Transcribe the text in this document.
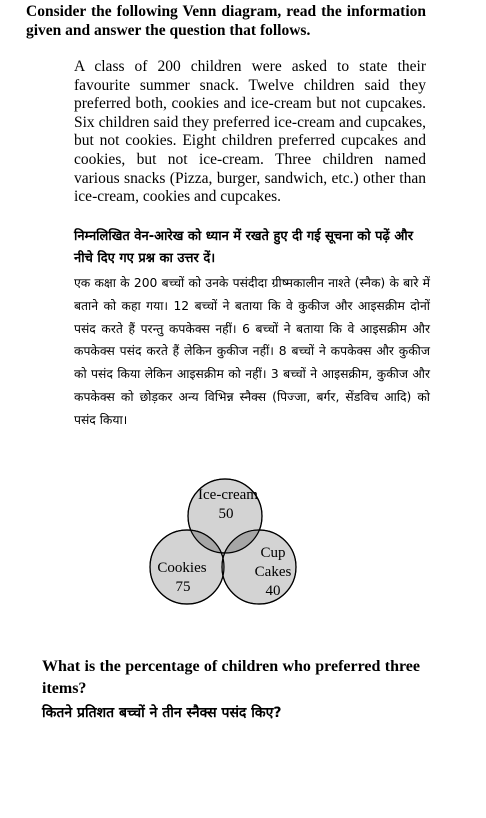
Consider the following Venn diagram, read the information given and answer the question that follows.

A class of 200 children were asked to state their favourite summer snack. Twelve children said they preferred both, cookies and ice-cream but not cupcakes. Six children said they preferred ice-cream and cupcakes, but not cookies. Eight children preferred cupcakes and cookies, but not ice-cream. Three children named various snacks (Pizza, burger, sandwich, etc.) other than ice-cream, cookies and cupcakes.

निम्नलिखित वेन-आरेख को ध्यान में रखते हुए दी गई सूचना को पढ़ें और नीचे दिए गए प्रश्न का उत्तर दें।

एक कक्षा के 200 बच्चों को उनके पसंदीदा ग्रीष्मकालीन नाश्ते (स्नैक) के बारे में बताने को कहा गया। 12 बच्चों ने बताया कि वे कुकीज और आइसक्रीम दोनों पसंद करते हैं परन्तु कपकेक्स नहीं। 6 बच्चों ने बताया कि वे आइसक्रीम और कपकेक्स पसंद करते हैं लेकिन कुकीज नहीं। 8 बच्चों ने कपकेक्स और कुकीज को पसंद किया लेकिन आइसक्रीम को नहीं। 3 बच्चों ने आइसक्रीम, कुकीज और कपकेक्स को छोड़कर अन्य विभिन्न स्नैक्स (पिज्जा, बर्गर, सेंडविच आदि) को पसंद किया।

Ice-cream
50
Cookies
75
Cup
Cakes
40

What is the percentage of children who preferred three items?

कितने प्रतिशत बच्चों ने तीन स्नैक्स पसंद किए?
